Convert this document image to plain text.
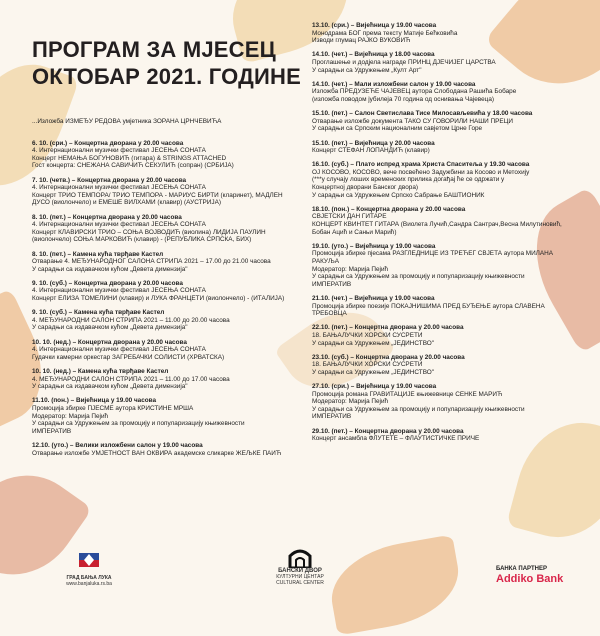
ПРОГРАМ ЗА МЈЕСЕЦ
ОКТОБАР 2021. ГОДИНЕ
...Изложба ИЗМЕЂУ РЕДОВА умјетника ЗОРАНА ЦРНЧЕВИЋА
6. 10. (сри.) – Концертна дворана у 20.00 часова
4. Интернационални музички фестивал ЈЕСЕЊА СОНАТА
Концерт НЕМАЊА БОГУНОВИЋ (гитара) & STRINGS ATTACHED
Гост концерта: СНЕЖАНА САВИЧИЋ СЕКУЛИЋ (сопран) (СРБИЈА)
7. 10. (четв.) – Концертна дворана у 20.00 часова
4. Интернационални музички фестивал ЈЕСЕЊА СОНАТА
Концерт ТРИО ТЕМПОРА/ ТРИО ТЕМПОРА - МАРИУС БИРТИ (кларинет), МАДЛЕН
ДУСО (виолончело) и ЕМЕШЕ ВИЛХАМИ (клавир) (АУСТРИЈА)
8. 10. (пет.) – Концертна дворана у 20.00 часова
4. Интернационални музички фестивал ЈЕСЕЊА СОНАТА
Концерт КЛАВИРСКИ ТРИО – СОЊА ВОЈВОДИЋ (виолина) ЛИДИЈА ПАУЛИН
(виолончело) СОЊА МАРКОВИЋ (клавир) - (РЕПУБЛИКА СРПСКА, БИХ)
8. 10. (пет.) – Камена кућа тврђаве Кастел
Отварање 4. МЕЂУНАРОДНОГ САЛОНА СТРИПА 2021 – 17.00 до 21.00 часова
У сарадњи са издавачком кућом „Деветa димензија"
9. 10. (суб.) – Концертна дворана у 20.00 часова
4. Интернационални музички фестивал ЈЕСЕЊА СОНАТА
Концерт ЕЛИЗА ТОМЕЛИНИ (клавир) и ЛУКА ФРАНЦЕТИ (виолончело) - (ИТАЛИЈА)
9. 10. (суб.) – Камена кућа тврђаве Кастел
4. МЕЂУНАРОДНИ САЛОН СТРИПА 2021 – 11.00 до 20.00 часова
У сарадњи са издавачком кућом „Деветa димензија"
10. 10. (нед.) – Концертна дворана у 20.00 часова
4. Интернационални музички фестивал ЈЕСЕЊА СОНАТА
Гудачки камерни оркестар ЗАГРЕБАЧКИ СОЛИСТИ (ХРВАТСКА)
10. 10. (нед.) – Камена кућа тврђаве Кастел
4. МЕЂУНАРОДНИ САЛОН СТРИПА 2021 – 11.00 до 17.00 часова
У сарадњи са издавачком кућом „Деветa димензија"
11.10. (пон.) – Вијећница у 19.00 часова
Промоција збирке ПЈЕСМЕ аутора КРИСТИНЕ МРША
Модератор: Марија Пејић
У сарадњи са Удружењем за промоцију и популаризацију књижевности
ИМПЕРАТИВ
12.10. (уто.) – Велики изложбени салон у 19.00 часова
Отварање изложбе УМЈЕТНОСТ ВАН ОКВИРА академске сликарке ЖЕЉКЕ ПАИЋ
13.10. (сри.) – Вијећница у 19.00 часова
Монодрама БОГ према тексту Матије Бећковића
Изводи глумац РАЈКО ВУКОВИЋ
14.10. (чет.) – Вијећница у 18.00 часова
Проглашење и додјела награде ПРИНЦ ДЈЕЧИЈЕГ ЦАРСТВА
У сарадњи са Удружењем „Култ Арт"
14.10. (чет.) – Мали изложбени салон у 19.00 часова
Изложба ПРЕДУЗЕЋЕ ЧАЈЕВЕЦ аутора Слободана Рашића Бобаре
(изложба поводом јубилеја 70 година од оснивања Чајевеца)
15.10. (пет.) – Салон Светислава Тисе Милосављевића у 18.00 часова
Отварање изложбе документа ТАКО СУ ГОВОРИЛИ НАШИ ПРЕЦИ
У сарадњи са Српским националним савјетом Црне Горе
15.10. (пет.) – Вијећница у 20.00 часова
Концерт СТЕФАН ЛОПАНДИЋ (клавир)
16.10. (суб.) – Плато испред храма Христа Спаситеља у 19.30 часова
ОЈ КОСОВО, КОСОВО, вече посвећено Задужбини за Косово и Метохију
(***у случају лоших временских прилика догађај ће се одржати у
Концертној дворани Банског двора)
У сарадњи са Удружењем Српско Сабрање БАШТИОНИК
18.10. (пон.) – Концертна дворана у 20.00 часова
СВЈЕТСКИ ДАН ГИТАРЕ
КОНЦЕРТ КВИНТЕТ ГИТАРА (Виолета Лучић,Сандра Сантрач,Весна Милутиновић,
Бобан Ацић и Саньи Марић)
19.10. (уто.) – Вијећница у 19.00 часова
Промоција збирке пјесама РАЗГЛЕДНИЦЕ ИЗ ТРЕЋЕГ СВЈЕТА аутора МИЛАНА
РАКУЉА
Модератор: Марија Пејић
У сарадњи са Удружењем за промоцију и популаризацију књижевности
ИМПЕРАТИВ
21.10. (чет.) – Вијећница у 19.00 часова
Промоција збирке поезије ПОКАЈНИШИМА ПРЕД БУЂЕЊЕ аутора СЛАВЕНА
ТРЕБОВЦА
22.10. (пет.) – Концертна дворана у 20.00 часова
18. БАЊАЛУЧКИ ХОРСКИ СУСРЕТИ
У сарадњи са Удружењем „ЈЕДИНСТВО"
23.10. (суб.) – Концертна дворана у 20.00 часова
18. БАЊАЛУЧКИ ХОРСКИ СУСРЕТИ
У сарадњи са Удружењем „ЈЕДИНСТВО"
27.10. (сри.) – Вијећница у 19.00 часова
Промоција романа ГРАВИТАЦИЈЕ књижевнице СЕНКЕ МАРИЋ
Модератор: Марија Пејић
У сарадњи са Удружењем за промоцију и популаризацију књижевности
ИМПЕРАТИВ
29.10. (пет.) – Концертна дворана у 20.00 часова
Концерт ансамбла ФЛУТЕТЕ – ФЛАУТИСТИЧКЕ ПРИЧЕ
ГРАД БАЊА ЛУКА
www.banjaluka.rs.ba
БАНСКИ ДВОР
КУЛТУРНИ ЦЕНТАР
CULTURAL CENTER
БАНКА ПАРТНЕР
Addiko Bank
